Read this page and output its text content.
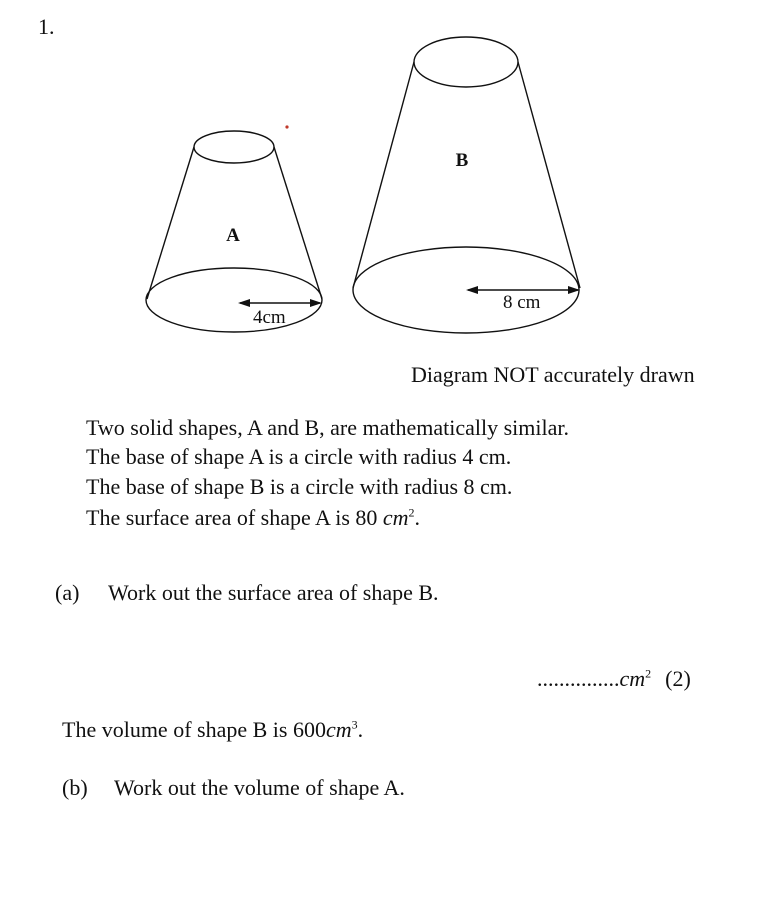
1.
A
4cm
B
8 cm
Diagram NOT accurately drawn
Two solid shapes, A and B, are mathematically similar.
The base of shape A is a circle with radius 4 cm.
The base of shape B is a circle with radius 8 cm.
The surface area of shape A is 80 $cm^2$.
(a) Work out the surface area of shape B.
$...............cm^2$ (2)
The volume of shape B is $600cm^3$.
(b) Work out the volume of shape A.
